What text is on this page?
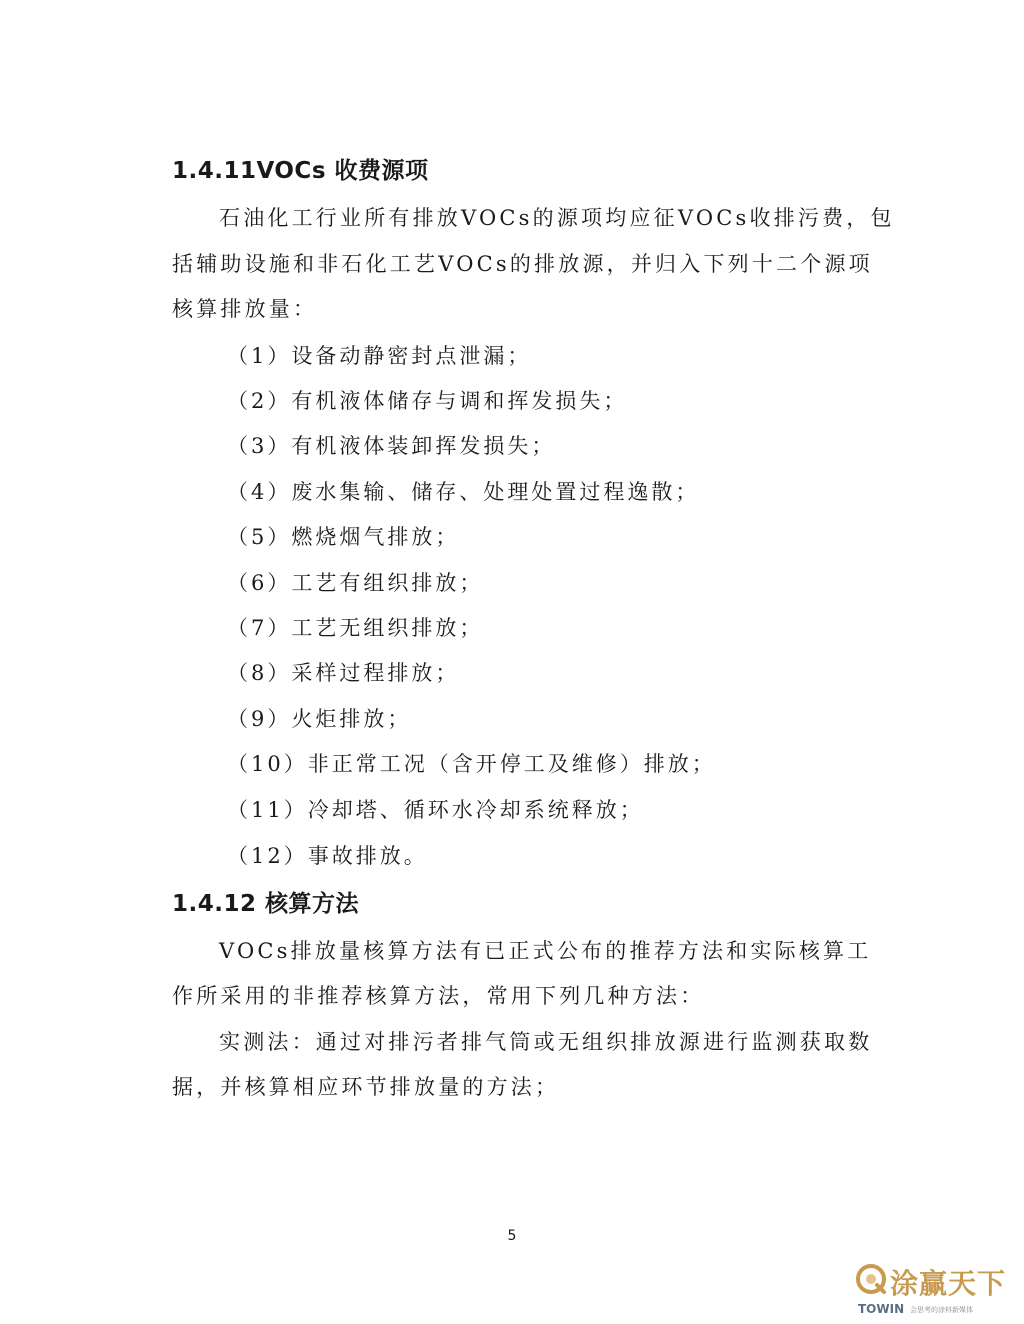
1.4.11VOCs 收费源项
石油化工行业所有排放VOCs的源项均应征VOCs收排污费，包
括辅助设施和非石化工艺VOCs的排放源，并归入下列十二个源项
核算排放量：
（1）设备动静密封点泄漏；
（2）有机液体储存与调和挥发损失；
（3）有机液体装卸挥发损失；
（4）废水集输、储存、处理处置过程逸散；
（5）燃烧烟气排放；
（6）工艺有组织排放；
（7）工艺无组织排放；
（8）采样过程排放；
（9）火炬排放；
（10）非正常工况（含开停工及维修）排放；
（11）冷却塔、循环水冷却系统释放；
（12）事故排放。
1.4.12 核算方法
VOCs排放量核算方法有已正式公布的推荐方法和实际核算工
作所采用的非推荐核算方法，常用下列几种方法：
实测法：通过对排污者排气筒或无组织排放源进行监测获取数
据，并核算相应环节排放量的方法；
5
涂赢天下
TOWIN 会思考的涂料新媒体
